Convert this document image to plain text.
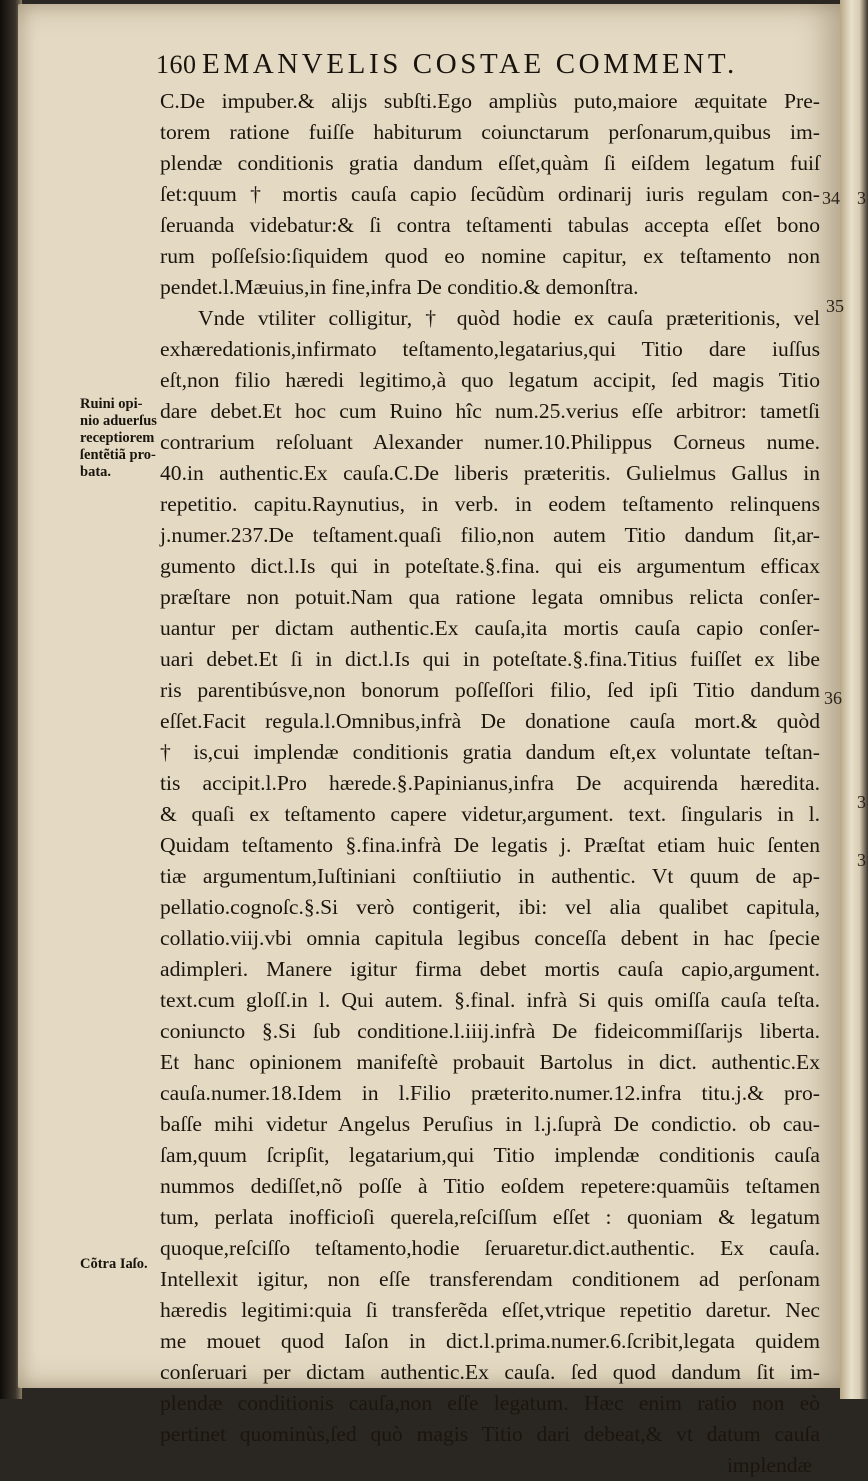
3
3
3
160 EMANVELIS COSTAE COMMENT.
C.De impuber.& alijs subſti.Ego ampliùs puto,maiore æquitate Pre-
torem ratione fuiſſe habiturum coiunctarum perſonarum,quibus im-
plendæ conditionis gratia dandum eſſet,quàm ſi eiſdem legatum fuiſ
ſet:quum † mortis cauſa capio ſecũdùm ordinarij iuris regulam con-
ſeruanda videbatur:& ſi contra teſtamenti tabulas accepta eſſet bono
rum poſſeſsio:ſiquidem quod eo nomine capitur, ex teſtamento non
pendet.l.Mæuius,in fine,infra De conditio.& demonſtra.
Vnde vtiliter colligitur, † quòd hodie ex cauſa præteritionis, vel
exhæredationis,infirmato teſtamento,legatarius,qui Titio dare iuſſus
eſt,non filio hæredi legitimo,à quo legatum accipit, ſed magis Titio
dare debet.Et hoc cum Ruino hîc num.25.verius eſſe arbitror: tametſi
contrarium reſoluant Alexander numer.10.Philippus Corneus nume.
40.in authentic.Ex cauſa.C.De liberis præteritis. Gulielmus Gallus in
repetitio. capitu.Raynutius, in verb. in eodem teſtamento relinquens
j.numer.237.De teſtament.quaſi filio,non autem Titio dandum ſit,ar-
gumento dict.l.Is qui in poteſtate.§.fina. qui eis argumentum efficax
præſtare non potuit.Nam qua ratione legata omnibus relicta conſer-
uantur per dictam authentic.Ex cauſa,ita mortis cauſa capio conſer-
uari debet.Et ſi in dict.l.Is qui in poteſtate.§.fina.Titius fuiſſet ex libe
ris parentibúsve,non bonorum poſſeſſori filio, ſed ipſi Titio dandum
eſſet.Facit regula.l.Omnibus,infrà De donatione cauſa mort.& quòd
† is,cui implendæ conditionis gratia dandum eſt,ex voluntate teſtan-
tis accipit.l.Pro hærede.§.Papinianus,infra De acquirenda hæredita.
& quaſi ex teſtamento capere videtur,argument. text. ſingularis in l.
Quidam teſtamento §.fina.infrà De legatis j. Præſtat etiam huic ſenten
tiæ argumentum,Iuſtiniani conſtiiutio in authentic. Vt quum de ap-
pellatio.cognoſc.§.Si verò contigerit, ibi: vel alia qualibet capitula,
collatio.viij.vbi omnia capitula legibus conceſſa debent in hac ſpecie
adimpleri. Manere igitur firma debet mortis cauſa capio,argument.
text.cum gloſſ.in l. Qui autem. §.final. infrà Si quis omiſſa cauſa teſta.
coniuncto §.Si ſub conditione.l.iiij.infrà De fideicommiſſarijs liberta.
Et hanc opinionem manifeſtè probauit Bartolus in dict. authentic.Ex
cauſa.numer.18.Idem in l.Filio præterito.numer.12.infra titu.j.& pro-
baſſe mihi videtur Angelus Peruſius in l.j.ſuprà De condictio. ob cau-
ſam,quum ſcripſit, legatarium,qui Titio implendæ conditionis cauſa
nummos dediſſet,nõ poſſe à Titio eoſdem repetere:quamũis teſtamen
tum, perlata inofficioſi querela,reſciſſum eſſet : quoniam & legatum
quoque,reſciſſo teſtamento,hodie ſeruaretur.dict.authentic. Ex cauſa.
Intellexit igitur, non eſſe transferendam conditionem ad perſonam
hæredis legitimi:quia ſi transferẽda eſſet,vtrique repetitio daretur. Nec
me mouet quod Iaſon in dict.l.prima.numer.6.ſcribit,legata quidem
conſeruari per dictam authentic.Ex cauſa. ſed quod dandum ſit im-
plendæ conditionis cauſa,non eſſe legatum. Hæc enim ratio non eò
pertinet quominùs,ſed quò magis Titio dari debeat,& vt datum cauſa
implendæ
Ruini opi-
nio aduerſus
receptiorem
ſentẽtiã pro-
bata.
Cõtra Iaſo.
34
35
36
